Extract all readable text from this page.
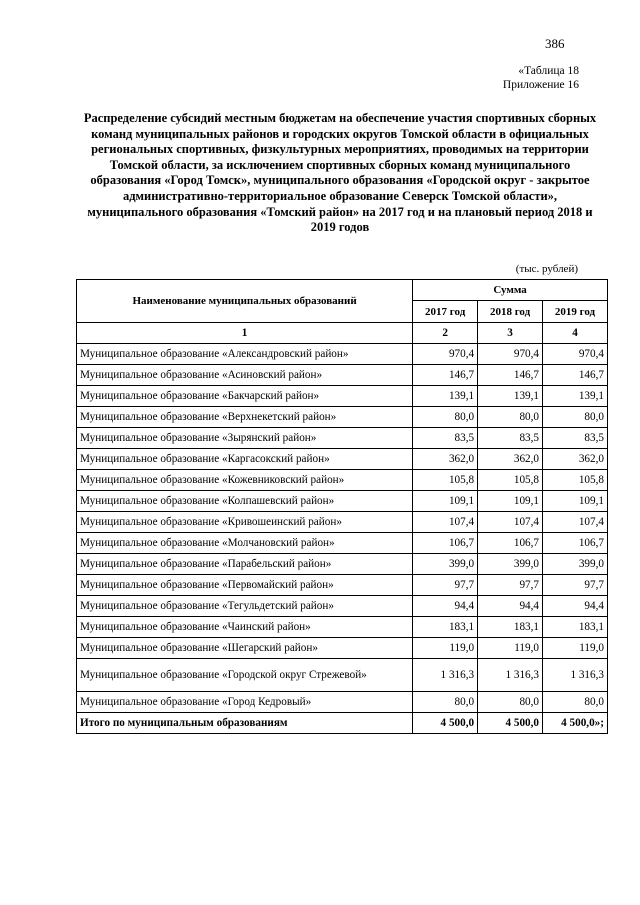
386
«Таблица 18
Приложение 16
Распределение субсидий местным бюджетам на обеспечение участия спортивных сборных команд муниципальных районов и городских округов Томской области в официальных региональных спортивных, физкультурных мероприятиях, проводимых на территории Томской области, за исключением спортивных сборных команд муниципального образования «Город Томск», муниципального образования «Городской округ - закрытое административно-территориальное образование Северск Томской области», муниципального образования «Томский район» на 2017 год и на плановый период 2018 и 2019 годов
(тыс. рублей)
Наименование муниципальных образований	Сумма		
	2017 год	2018 год	2019 год
1	2	3	4
Муниципальное образование «Александровский район»	970,4	970,4	970,4
Муниципальное образование «Асиновский район»	146,7	146,7	146,7
Муниципальное образование «Бакчарский район»	139,1	139,1	139,1
Муниципальное образование «Верхнекетский район»	80,0	80,0	80,0
Муниципальное образование «Зырянский район»	83,5	83,5	83,5
Муниципальное образование «Каргасокский район»	362,0	362,0	362,0
Муниципальное образование «Кожевниковский район»	105,8	105,8	105,8
Муниципальное образование «Колпашевский район»	109,1	109,1	109,1
Муниципальное образование «Кривошеинский район»	107,4	107,4	107,4
Муниципальное образование «Молчановский район»	106,7	106,7	106,7
Муниципальное образование «Парабельский район»	399,0	399,0	399,0
Муниципальное образование «Первомайский район»	97,7	97,7	97,7
Муниципальное образование «Тегульдетский район»	94,4	94,4	94,4
Муниципальное образование «Чаинский район»	183,1	183,1	183,1
Муниципальное образование «Шегарский район»	119,0	119,0	119,0
Муниципальное образование «Городской округ Стрежевой»	1 316,3	1 316,3	1 316,3
Муниципальное образование «Город Кедровый»	80,0	80,0	80,0
Итого по муниципальным образованиям	4 500,0	4 500,0	4 500,0»;
